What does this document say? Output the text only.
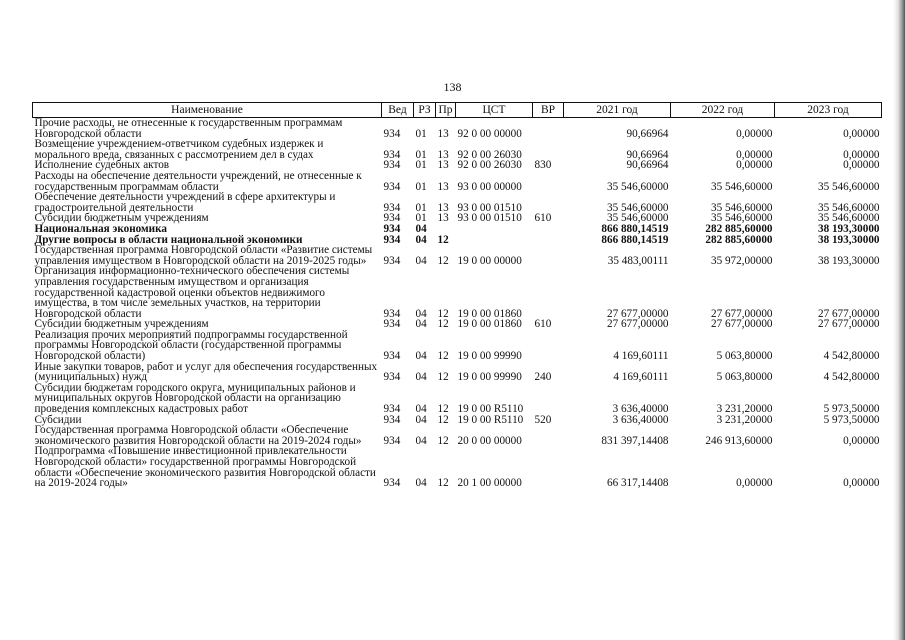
138
Наименование	Вед	РЗ	Пр	ЦСТ	ВР	2021 год	2022 год	2023 год
Прочие расходы, не отнесенные к государственным программам Новгородской области	934	01	13	92 0 00 00000		90,66964	0,00000	0,00000
Возмещение учреждением-ответчиком судебных издержек и морального вреда, связанных с рассмотрением дел в судах	934	01	13	92 0 00 26030		90,66964	0,00000	0,00000
Исполнение судебных актов	934	01	13	92 0 00 26030	830	90,66964	0,00000	0,00000
Расходы на обеспечение деятельности учреждений, не отнесенные к государственным программам области	934	01	13	93 0 00 00000		35 546,60000	35 546,60000	35 546,60000
Обеспечение деятельности учреждений в сфере архитектуры и градостроительной деятельности	934	01	13	93 0 00 01510		35 546,60000	35 546,60000	35 546,60000
Субсидии бюджетным учреждениям	934	01	13	93 0 00 01510	610	35 546,60000	35 546,60000	35 546,60000
Национальная экономика	934	04				866 880,14519	282 885,60000	38 193,30000
Другие вопросы в области национальной экономики	934	04	12			866 880,14519	282 885,60000	38 193,30000
Государственная программа Новгородской области «Развитие системы управления имуществом в Новгородской области на 2019-2025 годы»	934	04	12	19 0 00 00000		35 483,00111	35 972,00000	38 193,30000
Организация информационно-технического обеспечения системы управления государственным имуществом и организация государственной кадастровой оценки объектов недвижимого имущества, в том числе земельных участков, на территории Новгородской области	934	04	12	19 0 00 01860		27 677,00000	27 677,00000	27 677,00000
Субсидии бюджетным учреждениям	934	04	12	19 0 00 01860	610	27 677,00000	27 677,00000	27 677,00000
Реализация прочих мероприятий подпрограммы государственной программы Новгородской области (государственной программы Новгородской области)	934	04	12	19 0 00 99990		4 169,60111	5 063,80000	4 542,80000
Иные закупки товаров, работ и услуг для обеспечения государственных (муниципальных) нужд	934	04	12	19 0 00 99990	240	4 169,60111	5 063,80000	4 542,80000
Субсидии бюджетам городского округа, муниципальных районов и муниципальных округов Новгородской области на организацию проведения комплексных кадастровых работ	934	04	12	19 0 00 R5110		3 636,40000	3 231,20000	5 973,50000
Субсидии	934	04	12	19 0 00 R5110	520	3 636,40000	3 231,20000	5 973,50000
Государственная программа Новгородской области «Обеспечение экономического развития Новгородской области на 2019-2024 годы»	934	04	12	20 0 00 00000		831 397,14408	246 913,60000	0,00000
Подпрограмма «Повышение инвестиционной привлекательности Новгородской области» государственной программы Новгородской области «Обеспечение экономического развития Новгородской области на 2019-2024 годы»	934	04	12	20 1 00 00000		66 317,14408	0,00000	0,00000
